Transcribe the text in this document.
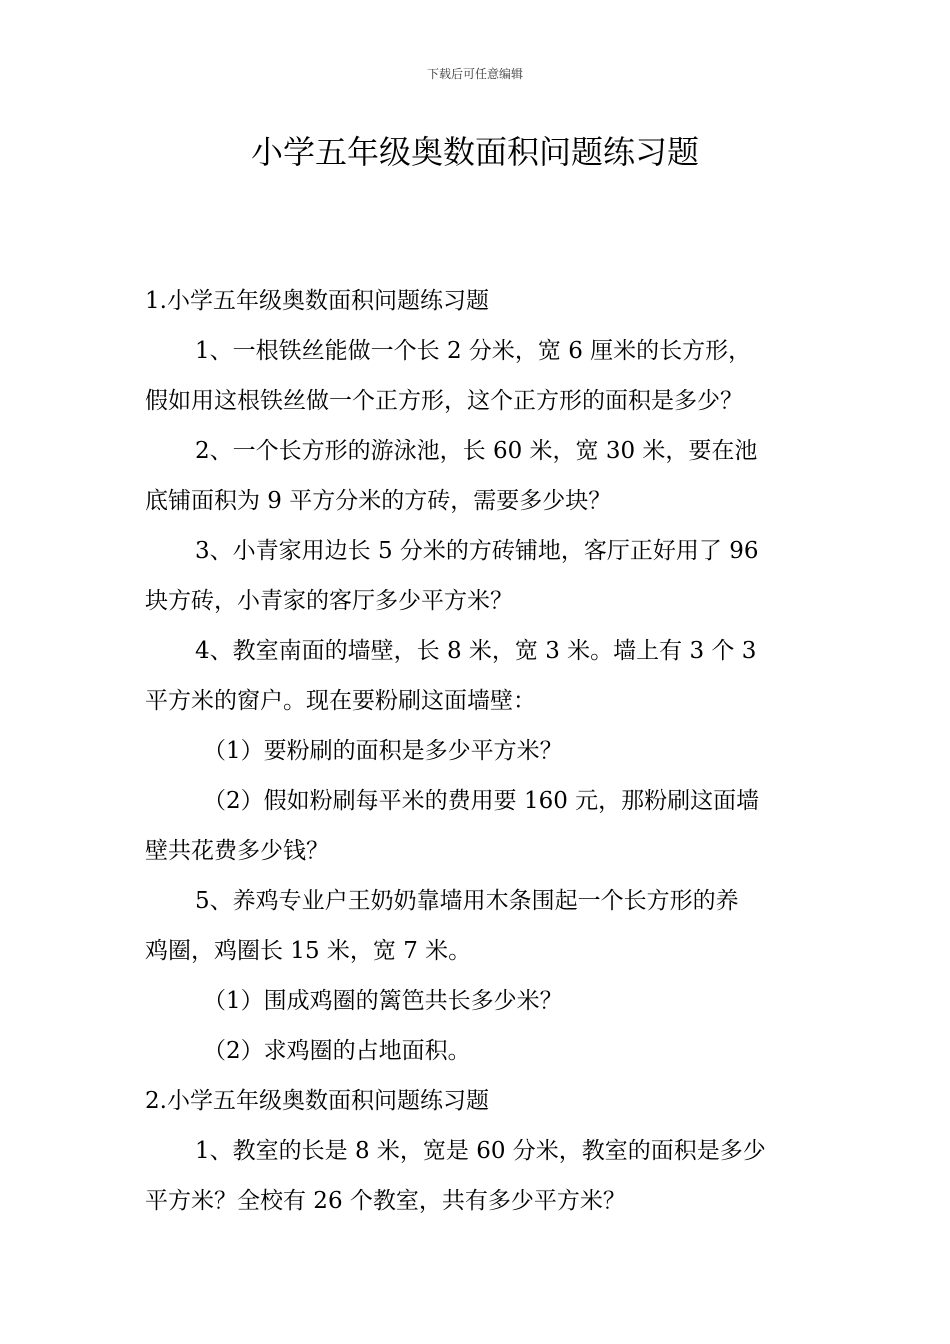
下载后可任意编辑
小学五年级奥数面积问题练习题
1.小学五年级奥数面积问题练习题
1、一根铁丝能做一个长 2 分米，宽 6 厘米的长方形，
假如用这根铁丝做一个正方形，这个正方形的面积是多少？
2、一个长方形的游泳池，长 60 米，宽 30 米，要在池
底铺面积为 9 平方分米的方砖，需要多少块？
3、小青家用边长 5 分米的方砖铺地，客厅正好用了 96
块方砖，小青家的客厅多少平方米？
4、教室南面的墙壁，长 8 米，宽 3 米。墙上有 3 个 3
平方米的窗户。现在要粉刷这面墙壁：
（1）要粉刷的面积是多少平方米？
（2）假如粉刷每平米的费用要 160 元，那粉刷这面墙
壁共花费多少钱？
5、养鸡专业户王奶奶靠墙用木条围起一个长方形的养
鸡圈，鸡圈长 15 米，宽 7 米。
（1）围成鸡圈的篱笆共长多少米？
（2）求鸡圈的占地面积。
2.小学五年级奥数面积问题练习题
1、教室的长是 8 米，宽是 60 分米，教室的面积是多少
平方米？全校有 26 个教室，共有多少平方米？
